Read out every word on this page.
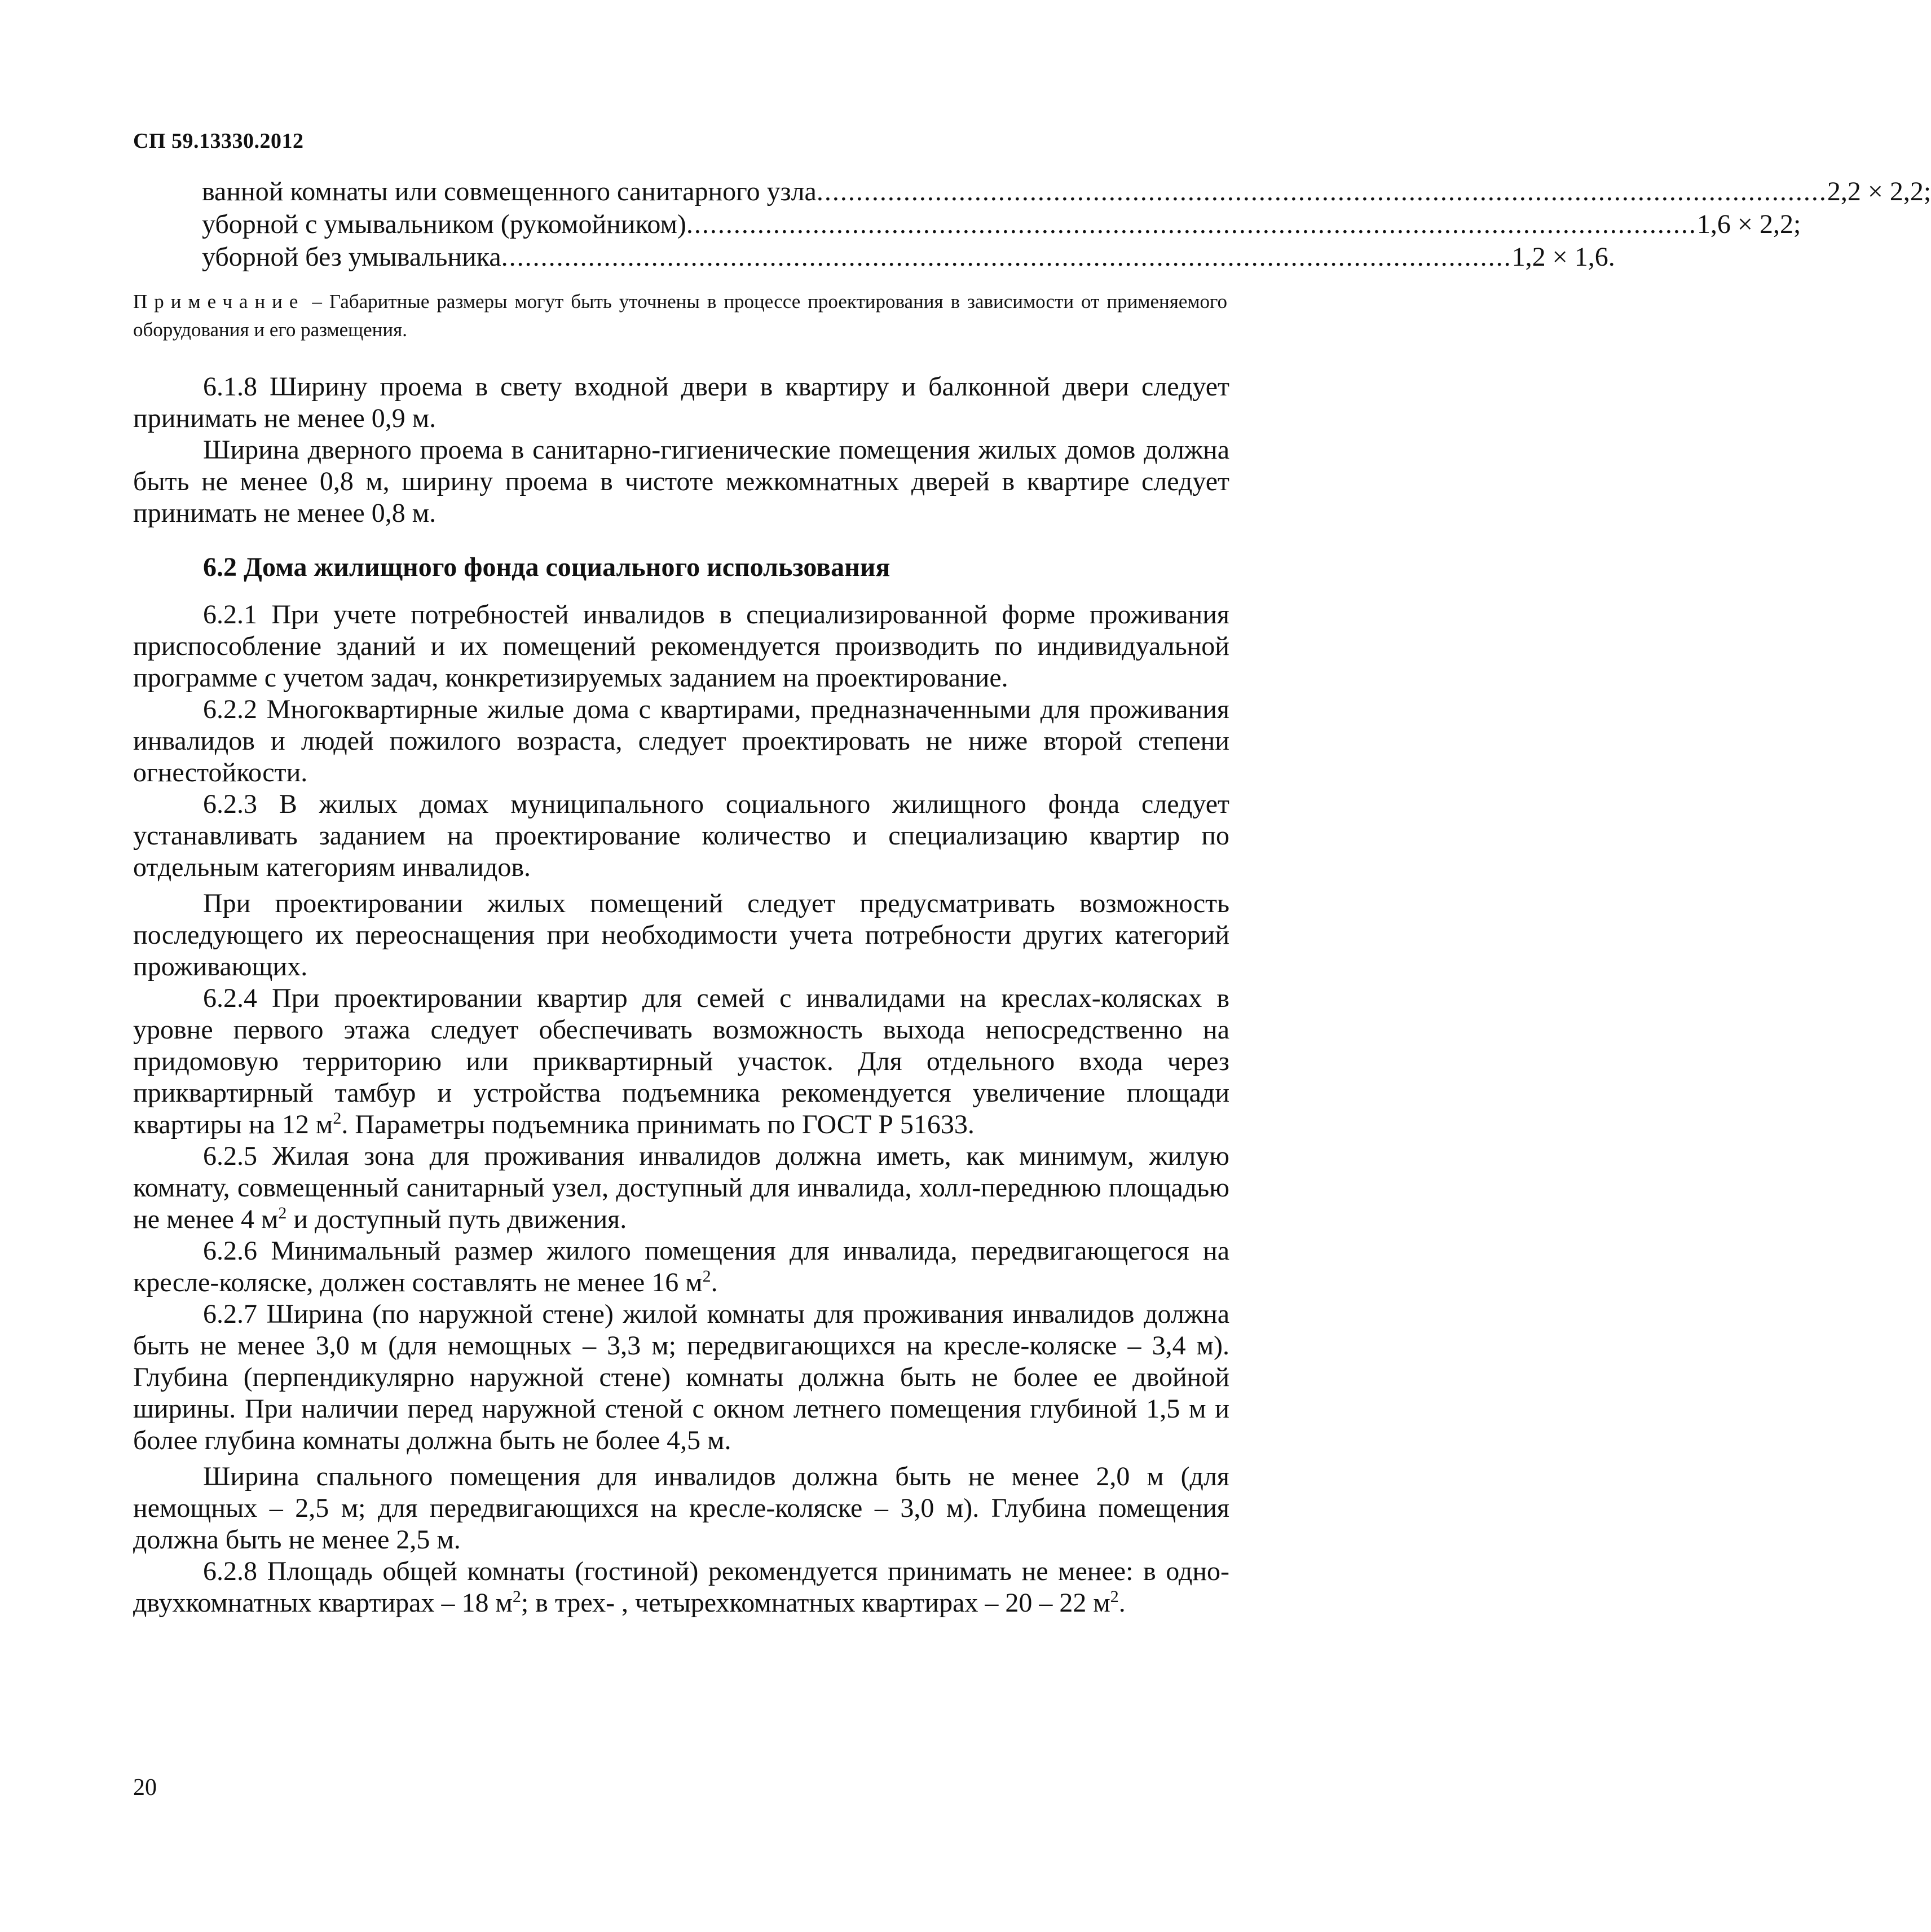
СП 59.13330.2012
ванной комнаты или совмещенного санитарного узла ................................................................................................................................ 2,2 × 2,2;
уборной с умывальником (рукомойником) ................................................................................................................................ 1,6 × 2,2;
уборной без умывальника ................................................................................................................................ 1,2 × 1,6.
Примечание – Габаритные размеры могут быть уточнены в процессе проектирования в зависимости от применяемого оборудования и его размещения.

6.1.8 Ширину проема в свету входной двери в квартиру и балконной двери следует принимать не менее 0,9 м.

Ширина дверного проема в санитарно-гигиенические помещения жилых домов должна быть не менее 0,8 м, ширину проема в чистоте межкомнатных дверей в квартире следует принимать не менее 0,8 м.

6.2 Дома жилищного фонда социального использования

6.2.1 При учете потребностей инвалидов в специализированной форме проживания приспособление зданий и их помещений рекомендуется производить по индивидуальной программе с учетом задач, конкретизируемых заданием на проектирование.

6.2.2 Многоквартирные жилые дома с квартирами, предназначенными для проживания инвалидов и людей пожилого возраста, следует проектировать не ниже второй степени огнестойкости.

6.2.3 В жилых домах муниципального социального жилищного фонда следует устанавливать заданием на проектирование количество и специализацию квартир по отдельным категориям инвалидов.

При проектировании жилых помещений следует предусматривать возможность последующего их переоснащения при необходимости учета потребности других категорий проживающих.

6.2.4 При проектировании квартир для семей с инвалидами на креслах-колясках в уровне первого этажа следует обеспечивать возможность выхода непосредственно на придомовую территорию или приквартирный участок. Для отдельного входа через приквартирный тамбур и устройства подъемника рекомендуется увеличение площади квартиры на 12 $м^2$. Параметры подъемника принимать по ГОСТ Р 51633.

6.2.5 Жилая зона для проживания инвалидов должна иметь, как минимум, жилую комнату, совмещенный санитарный узел, доступный для инвалида, холл-переднюю площадью не менее 4 $м^2$ и доступный путь движения.

6.2.6 Минимальный размер жилого помещения для инвалида, передвигающегося на кресле-коляске, должен составлять не менее 16 $м^2$.

6.2.7 Ширина (по наружной стене) жилой комнаты для проживания инвалидов должна быть не менее 3,0 м (для немощных – 3,3 м; передвигающихся на кресле-коляске – 3,4 м). Глубина (перпендикулярно наружной стене) комнаты должна быть не более ее двойной ширины. При наличии перед наружной стеной с окном летнего помещения глубиной 1,5 м и более глубина комнаты должна быть не более 4,5 м.

Ширина спального помещения для инвалидов должна быть не менее 2,0 м (для немощных – 2,5 м; для передвигающихся на кресле-коляске – 3,0 м). Глубина помещения должна быть не менее 2,5 м.

6.2.8 Площадь общей комнаты (гостиной) рекомендуется принимать не менее: в одно-двухкомнатных квартирах – 18 $м^2$; в трех- , четырехкомнатных квартирах – 20 – 22 $м^2$.

20
